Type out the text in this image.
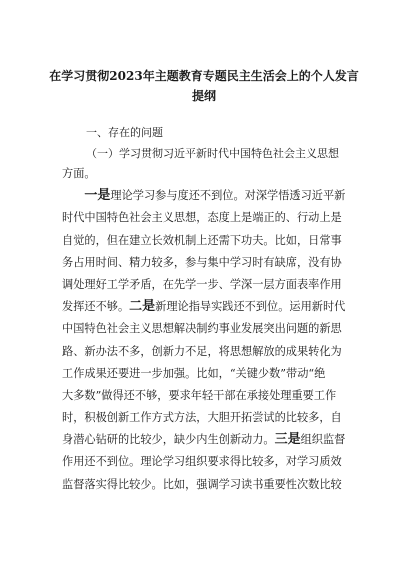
在学习贯彻2023年主题教育专题民主生活会上的个人发言
提纲
一、存在的问题
（一）学习贯彻习近平新时代中国特色社会主义思想
方面。
一是理论学习参与度还不到位。对深学悟透习近平新
时代中国特色社会主义思想，态度上是端正的、行动上是
自觉的，但在建立长效机制上还需下功夫。比如，日常事
务占用时间、精力较多，参与集中学习时有缺席，没有协
调处理好工学矛盾，在先学一步、学深一层方面表率作用
发挥还不够。二是新理论指导实践还不到位。运用新时代
中国特色社会主义思想解决制约事业发展突出问题的新思
路、新办法不多，创新力不足，将思想解放的成果转化为
工作成果还要进一步加强。比如，“关键少数”带动“绝
大多数”做得还不够，要求年轻干部在承接处理重要工作
时，积极创新工作方式方法，大胆开拓尝试的比较多，自
身潜心钻研的比较少，缺少内生创新动力。三是组织监督
作用还不到位。理论学习组织要求得比较多，对学习质效
监督落实得比较少。比如，强调学习读书重要性次数比较
